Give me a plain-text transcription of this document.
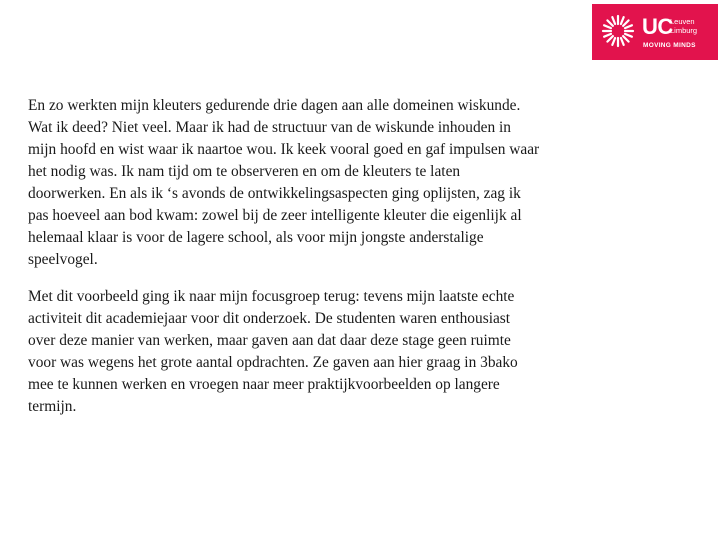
UC
Leuven
Limburg
MOVING MINDS

En zo werkten mijn kleuters gedurende drie dagen aan alle domeinen wiskunde.
Wat ik deed? Niet veel. Maar ik had de structuur van de wiskunde inhouden in
mijn hoofd en wist waar ik naartoe wou. Ik keek vooral goed en gaf impulsen waar
het nodig was. Ik nam tijd om te observeren en om de kleuters te laten
doorwerken. En als ik ‘s avonds de ontwikkelingsaspecten ging oplijsten, zag ik
pas hoeveel aan bod kwam: zowel bij de zeer intelligente kleuter die eigenlijk al
helemaal klaar is voor de lagere school, als voor mijn jongste anderstalige
speelvogel.

Met dit voorbeeld ging ik naar mijn focusgroep terug: tevens mijn laatste echte
activiteit dit academiejaar voor dit onderzoek. De studenten waren enthousiast
over deze manier van werken, maar gaven aan dat daar deze stage geen ruimte
voor was wegens het grote aantal opdrachten. Ze gaven aan hier graag in 3bako
mee te kunnen werken en vroegen naar meer praktijkvoorbeelden op langere
termijn.
